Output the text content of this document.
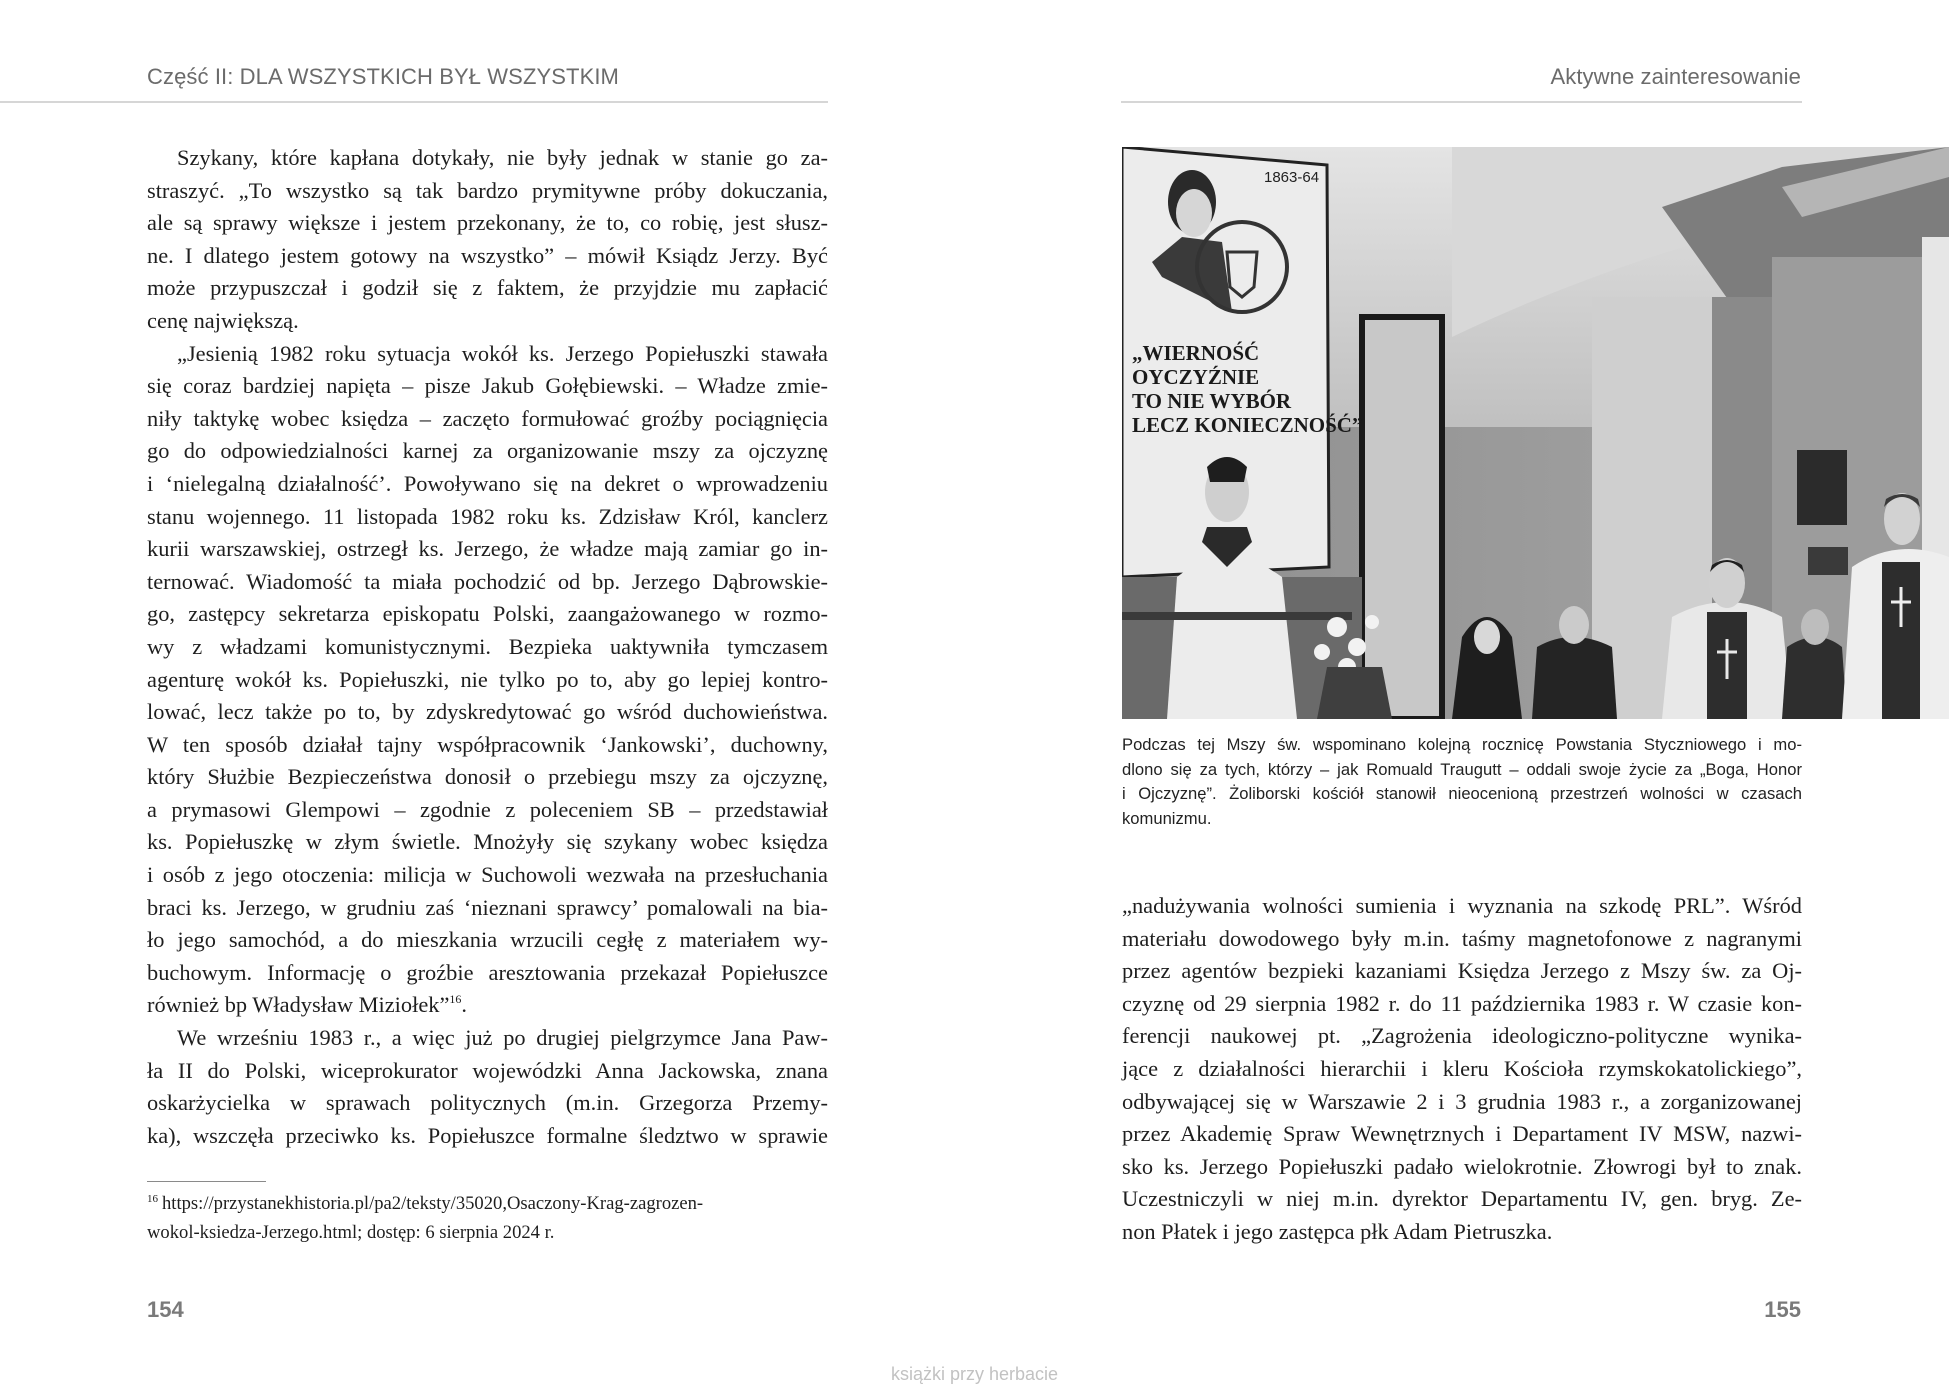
Część II: DLA WSZYSTKICH BYŁ WSZYSTKIM
Szykany, które kapłana dotykały, nie były jednak w stanie go za-
straszyć. „To wszystko są tak bardzo prymitywne próby dokuczania,
ale są sprawy większe i jestem przekonany, że to, co robię, jest słusz-
ne. I dlatego jestem gotowy na wszystko” – mówił Ksiądz Jerzy. Być
może przypuszczał i godził się z faktem, że przyjdzie mu zapłacić
cenę największą.
„Jesienią 1982 roku sytuacja wokół ks. Jerzego Popiełuszki stawała
się coraz bardziej napięta – pisze Jakub Gołębiewski. – Władze zmie-
niły taktykę wobec księdza – zaczęto formułować groźby pociągnięcia
go do odpowiedzialności karnej za organizowanie mszy za ojczyznę
i ‘nielegalną działalność’. Powoływano się na dekret o wprowadzeniu
stanu wojennego. 11 listopada 1982 roku ks. Zdzisław Król, kanclerz
kurii warszawskiej, ostrzegł ks. Jerzego, że władze mają zamiar go in-
ternować. Wiadomość ta miała pochodzić od bp. Jerzego Dąbrowskie-
go, zastępcy sekretarza episkopatu Polski, zaangażowanego w rozmo-
wy z władzami komunistycznymi. Bezpieka uaktywniła tymczasem
agenturę wokół ks. Popiełuszki, nie tylko po to, aby go lepiej kontro-
lować, lecz także po to, by zdyskredytować go wśród duchowieństwa.
W ten sposób działał tajny współpracownik ‘Jankowski’, duchowny,
który Służbie Bezpieczeństwa donosił o przebiegu mszy za ojczyznę,
a prymasowi Glempowi – zgodnie z poleceniem SB – przedstawiał
ks. Popiełuszkę w złym świetle. Mnożyły się szykany wobec księdza
i osób z jego otoczenia: milicja w Suchowoli wezwała na przesłuchania
braci ks. Jerzego, w grudniu zaś ‘nieznani sprawcy’ pomalowali na bia-
ło jego samochód, a do mieszkania wrzucili cegłę z materiałem wy-
buchowym. Informację o groźbie aresztowania przekazał Popiełuszce
również bp Władysław Miziołek”$^{16}$.
We wrześniu 1983 r., a więc już po drugiej pielgrzymce Jana Paw-
ła II do Polski, wiceprokurator wojewódzki Anna Jackowska, znana
oskarżycielka w sprawach politycznych (m.in. Grzegorza Przemy-
ka), wszczęła przeciwko ks. Popiełuszce formalne śledztwo w sprawie
$^{16}$ https://przystanekhistoria.pl/pa2/teksty/35020,Osaczony-Krag-zagrozen-
wokol-ksiedza-Jerzego.html; dostęp: 6 sierpnia 2024 r.
154
Aktywne zainteresowanie
1863-64
„WIERNOŚĆ
OYCZYŹNIE
TO NIE WYBÓR
LECZ KONIECZNOŚĆ”
Podczas tej Mszy św. wspominano kolejną rocznicę Powstania Styczniowego i mo-
dlono się za tych, którzy – jak Romuald Traugutt – oddali swoje życie za „Boga, Honor
i Ojczyznę”. Żoliborski kościół stanowił nieocenioną przestrzeń wolności w czasach
komunizmu.
„nadużywania wolności sumienia i wyznania na szkodę PRL”. Wśród
materiału dowodowego były m.in. taśmy magnetofonowe z nagranymi
przez agentów bezpieki kazaniami Księdza Jerzego z Mszy św. za Oj-
czyznę od 29 sierpnia 1982 r. do 11 października 1983 r. W czasie kon-
ferencji naukowej pt. „Zagrożenia ideologiczno-polityczne wynika-
jące z działalności hierarchii i kleru Kościoła rzymskokatolickiego”,
odbywającej się w Warszawie 2 i 3 grudnia 1983 r., a zorganizowanej
przez Akademię Spraw Wewnętrznych i Departament IV MSW, nazwi-
sko ks. Jerzego Popiełuszki padało wielokrotnie. Złowrogi był to znak.
Uczestniczyli w niej m.in. dyrektor Departamentu IV, gen. bryg. Ze-
non Płatek i jego zastępca płk Adam Pietruszka.
155
książki przy herbacie
